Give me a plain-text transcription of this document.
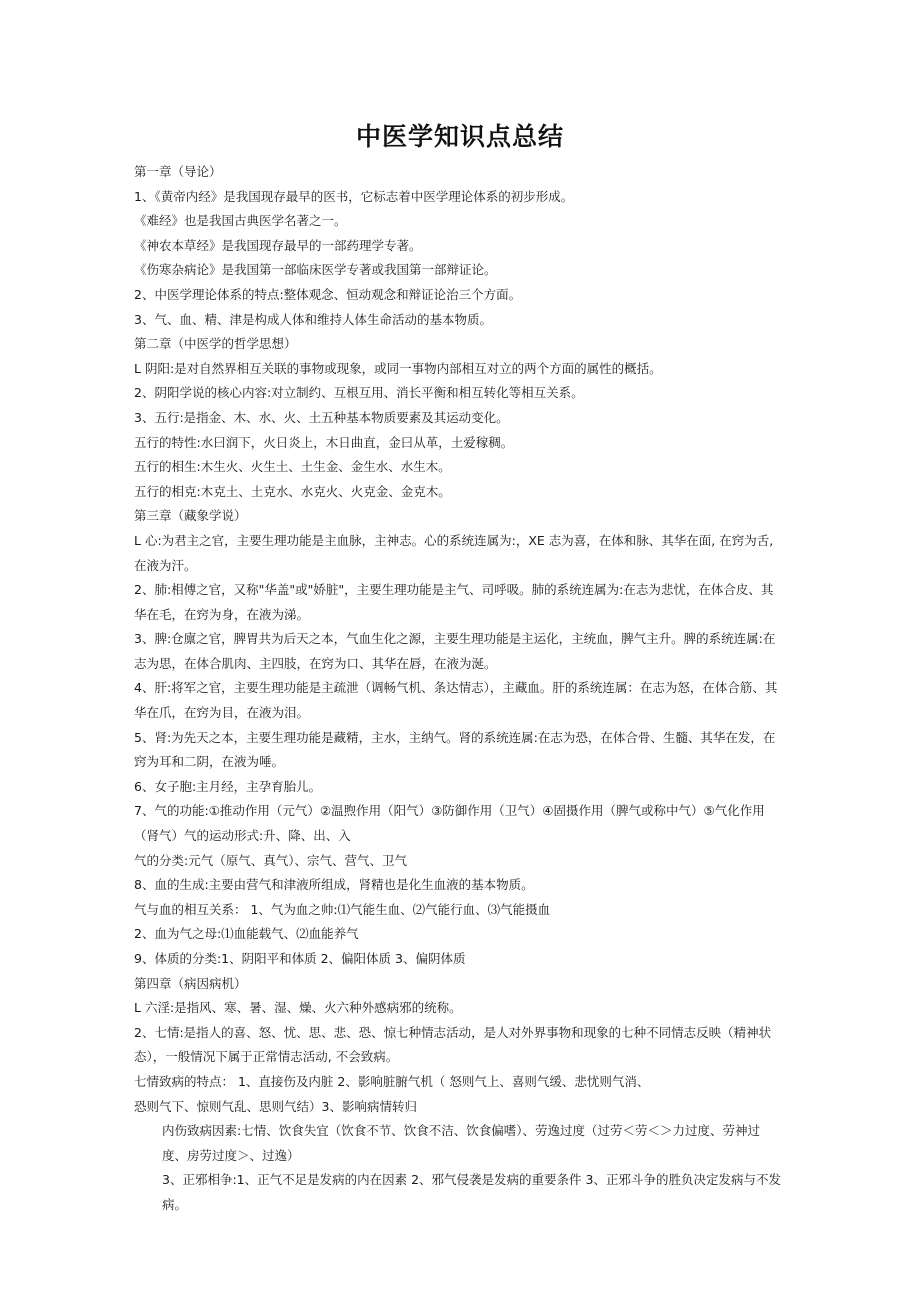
中医学知识点总结
第一章（导论）
1、《黄帝内经》是我国现存最早的医书，它标志着中医学理论体系的初步形成。
《难经》也是我国古典医学名著之一。
《神农本草经》是我国现存最早的一部药理学专著。
《伤寒杂病论》是我国第一部临床医学专著或我国第一部辩证论。
2、中医学理论体系的特点:整体观念、恒动观念和辩证论治三个方面。
3、气、血、精、津是构成人体和维持人体生命活动的基本物质。
第二章（中医学的哲学思想）
L 阴阳:是对自然界相互关联的事物或现象，或同一事物内部相互对立的两个方面的属性的概括。
2、阴阳学说的核心内容:对立制约、互根互用、消长平衡和相互转化等相互关系。
3、五行:是指金、木、水、火、土五种基本物质要素及其运动变化。
五行的特性:水曰润下，火日炎上，木日曲直，金曰从革，土爱稼稠。
五行的相生:木生火、火生土、土生金、金生水、水生木。
五行的相克:木克土、土克水、水克火、火克金、金克木。
第三章（藏象学说）
L 心:为君主之官，主要生理功能是主血脉，主神志。心的系统连属为:，XE 志为喜，在体和脉、其华在面, 在窍为舌, 在液为汗。
2、肺:相傅之官，又称"华盖"或"娇脏"，主要生理功能是主气、司呼吸。肺的系统连属为:在志为悲忧，在体合皮、其华在毛，在窍为身，在液为涕。
3、脾:仓廪之官，脾胃共为后天之本，气血生化之源，主要生理功能是主运化，主统血，脾气主升。脾的系统连属:在志为思，在体合肌肉、主四肢，在窍为口、其华在唇，在液为涎。
4、肝:将军之官，主要生理功能是主疏泄（调畅气机、条达情志），主藏血。肝的系统连属：在志为怒，在体合筋、其华在爪，在窍为目，在液为泪。
5、肾:为先天之本，主要生理功能是藏精，主水，主纳气。肾的系统连属:在志为恐，在体合骨、生髓、其华在发，在窍为耳和二阴，在液为唾。
6、女子胞:主月经，主孕育胎儿。
7、气的功能:①推动作用（元气）②温煦作用（阳气）③防御作用（卫气）④固摄作用（脾气或称中气）⑤气化作用（肾气）气的运动形式:升、降、出、入
气的分类:元气（原气、真气）、宗气、营气、卫气
8、血的生成:主要由营气和津液所组成，肾精也是化生血液的基本物质。
气与血的相互关系： 1、气为血之帅:⑴气能生血、⑵气能行血、⑶气能摄血
2、血为气之母:⑴血能载气、⑵血能养气
9、体质的分类:1、阴阳平和体质 2、偏阳体质 3、偏阴体质
第四章（病因病机）
L 六淫:是指风、寒、暑、湿、燥、火六种外感病邪的统称。
2、七情:是指人的喜、怒、忧、思、悲、恐、惊七种情志活动，是人对外界事物和现象的七种不同情志反映（精神状态），一般情况下属于正常情志活动, 不会致病。
七情致病的特点： 1、直接伤及内脏 2、影响脏腑气机（ 怒则气上、喜则气缓、悲忧则气消、
恐则气下、惊则气乱、思则气结）3、影响病情转归
内伤致病因素:七情、饮食失宜（饮食不节、饮食不洁、饮食偏嗜）、劳逸过度（过劳＜劳＜＞力过度、劳神过度、房劳过度＞、过逸）
3、正邪相争:1、正气不足是发病的内在因素 2、邪气侵袭是发病的重要条件 3、正邪斗争的胜负决定发病与不发病。
